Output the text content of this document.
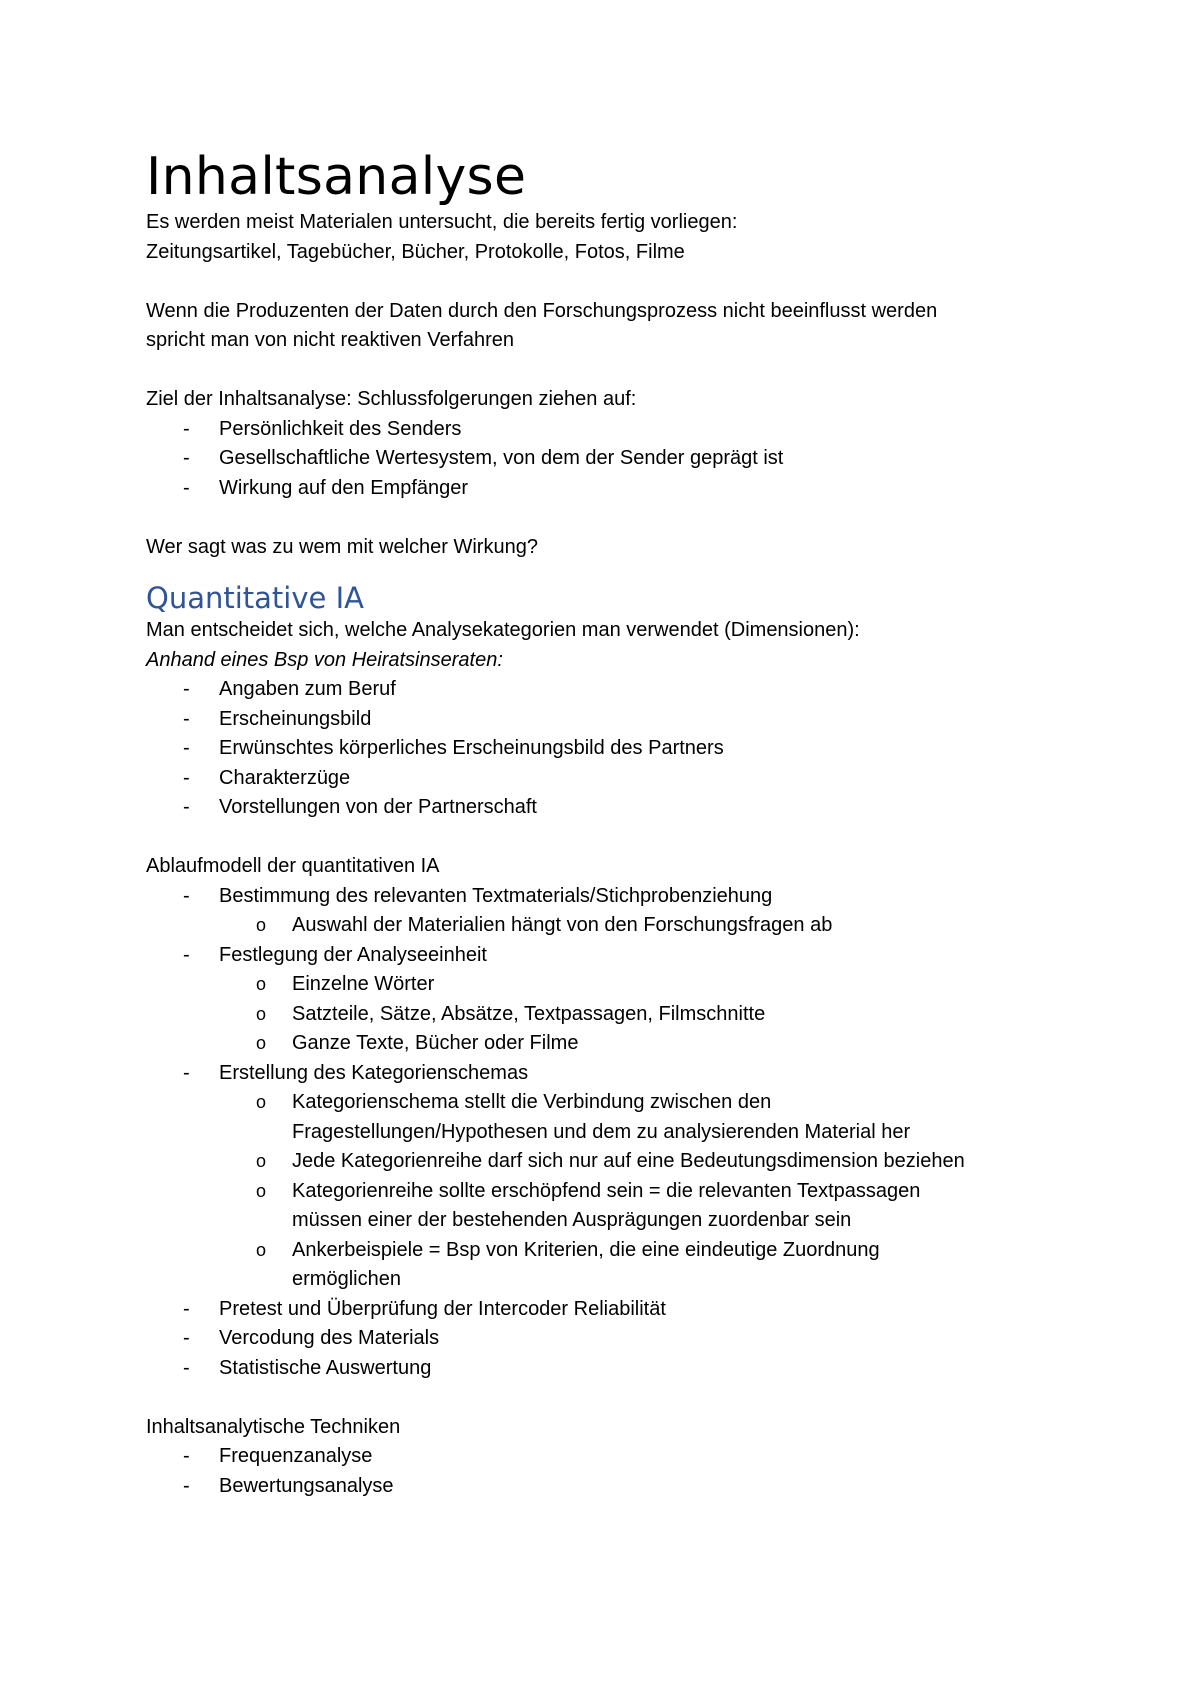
Inhaltsanalyse

Es werden meist Materialen untersucht, die bereits fertig vorliegen:

Zeitungsartikel, Tagebücher, Bücher, Protokolle, Fotos, Filme

Wenn die Produzenten der Daten durch den Forschungsprozess nicht beeinflusst werden

spricht man von nicht reaktiven Verfahren

Ziel der Inhaltsanalyse: Schlussfolgerungen ziehen auf:

- Persönlichkeit des Senders
- Gesellschaftliche Wertesystem, von dem der Sender geprägt ist
- Wirkung auf den Empfänger

Wer sagt was zu wem mit welcher Wirkung?

Quantitative IA

Man entscheidet sich, welche Analysekategorien man verwendet (Dimensionen):

Anhand eines Bsp von Heiratsinseraten:

- Angaben zum Beruf
- Erscheinungsbild
- Erwünschtes körperliches Erscheinungsbild des Partners
- Charakterzüge
- Vorstellungen von der Partnerschaft

Ablaufmodell der quantitativen IA

- Bestimmung des relevanten Textmaterials/Stichprobenziehung
o Auswahl der Materialien hängt von den Forschungsfragen ab
- Festlegung der Analyseeinheit
o Einzelne Wörter
o Satzteile, Sätze, Absätze, Textpassagen, Filmschnitte
o Ganze Texte, Bücher oder Filme
- Erstellung des Kategorienschemas
o Kategorienschema stellt die Verbindung zwischen den
Fragestellungen/Hypothesen und dem zu analysierenden Material her
o Jede Kategorienreihe darf sich nur auf eine Bedeutungsdimension beziehen
o Kategorienreihe sollte erschöpfend sein = die relevanten Textpassagen
müssen einer der bestehenden Ausprägungen zuordenbar sein
o Ankerbeispiele = Bsp von Kriterien, die eine eindeutige Zuordnung
ermöglichen
- Pretest und Überprüfung der Intercoder Reliabilität
- Vercodung des Materials
- Statistische Auswertung

Inhaltsanalytische Techniken

- Frequenzanalyse
- Bewertungsanalyse
